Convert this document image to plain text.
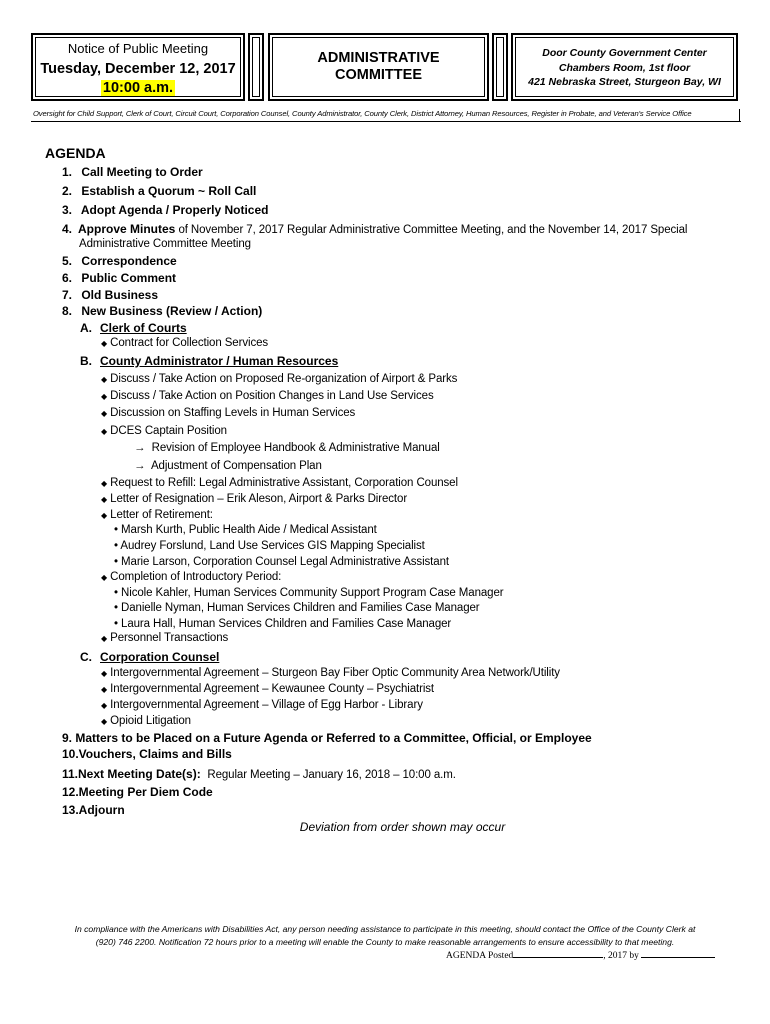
Notice of Public Meeting
Tuesday, December 12, 2017
10:00 a.m.
ADMINISTRATIVE
COMMITTEE
Door County Government Center
Chambers Room, 1st floor
421 Nebraska Street, Sturgeon Bay, WI
Oversight for Child Support, Clerk of Court, Circuit Court, Corporation Counsel, County Administrator, County Clerk, District Attorney, Human Resources, Register in Probate, and Veteran's Service Office
AGENDA
1. Call Meeting to Order
2. Establish a Quorum ~ Roll Call
3. Adopt Agenda / Properly Noticed
4. Approve Minutes of November 7, 2017 Regular Administrative Committee Meeting, and the November 14, 2017 Special
Administrative Committee Meeting
5. Correspondence
6. Public Comment
7. Old Business
8. New Business (Review / Action)
A. Clerk of Courts
◆ Contract for Collection Services
B. County Administrator / Human Resources
◆ Discuss / Take Action on Proposed Re-organization of Airport & Parks
◆ Discuss / Take Action on Position Changes in Land Use Services
◆ Discussion on Staffing Levels in Human Services
◆ DCES Captain Position
→ Revision of Employee Handbook & Administrative Manual
→ Adjustment of Compensation Plan
◆ Request to Refill: Legal Administrative Assistant, Corporation Counsel
◆ Letter of Resignation – Erik Aleson, Airport & Parks Director
◆ Letter of Retirement:
• Marsh Kurth, Public Health Aide / Medical Assistant
• Audrey Forslund, Land Use Services GIS Mapping Specialist
• Marie Larson, Corporation Counsel Legal Administrative Assistant
◆ Completion of Introductory Period:
• Nicole Kahler, Human Services Community Support Program Case Manager
• Danielle Nyman, Human Services Children and Families Case Manager
• Laura Hall, Human Services Children and Families Case Manager
◆ Personnel Transactions
C. Corporation Counsel
◆ Intergovernmental Agreement – Sturgeon Bay Fiber Optic Community Area Network/Utility
◆ Intergovernmental Agreement – Kewaunee County – Psychiatrist
◆ Intergovernmental Agreement – Village of Egg Harbor - Library
◆ Opioid Litigation
9. Matters to be Placed on a Future Agenda or Referred to a Committee, Official, or Employee
10.Vouchers, Claims and Bills
11.Next Meeting Date(s): Regular Meeting – January 16, 2018 – 10:00 a.m.
12.Meeting Per Diem Code
13.Adjourn
Deviation from order shown may occur
In compliance with the Americans with Disabilities Act, any person needing assistance to participate in this meeting, should contact the Office of the County Clerk at
(920) 746 2200. Notification 72 hours prior to a meeting will enable the County to make reasonable arrangements to ensure accessibility to that meeting.
AGENDA Posted	, 2017 by
